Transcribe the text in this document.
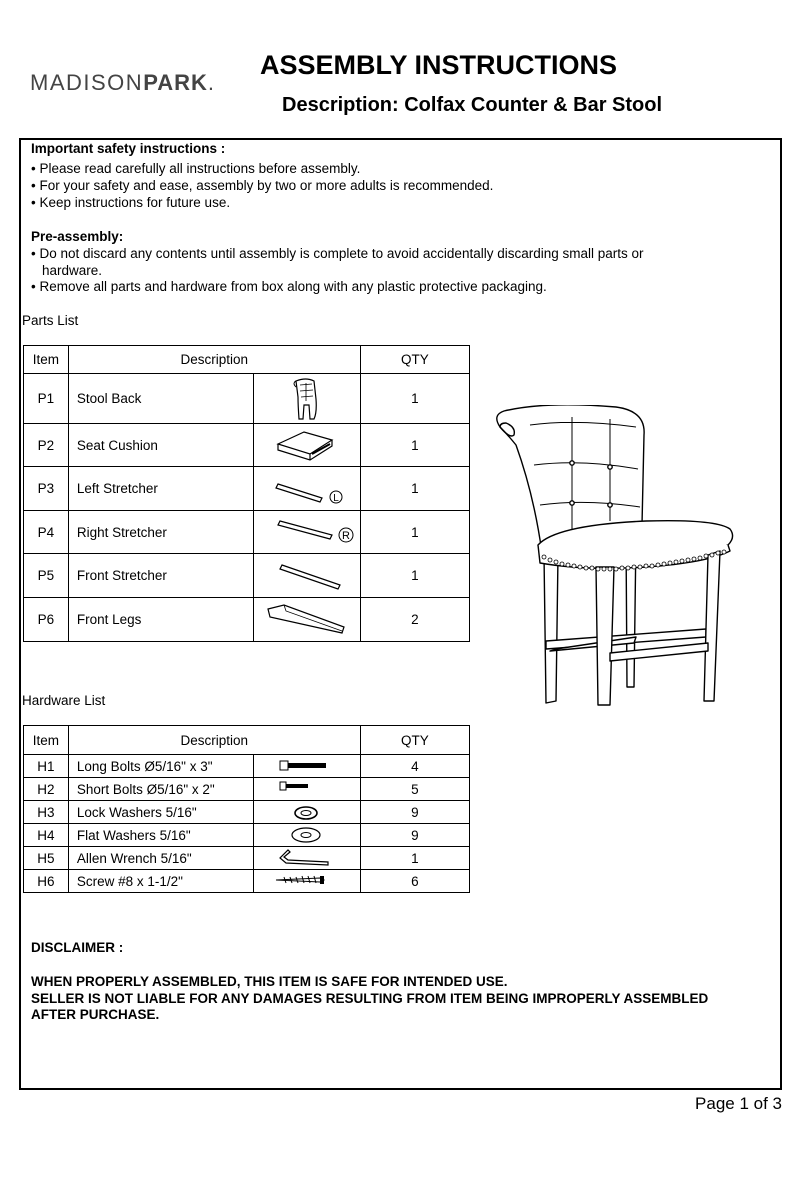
MADISONPARK.
ASSEMBLY INSTRUCTIONS
Description: Colfax Counter & Bar Stool
Important safety instructions :
• Please read carefully all instructions before assembly.
• For your safety and ease, assembly by two or more adults is recommended.
• Keep instructions for future use.
Pre-assembly:
• Do not discard any contents until assembly is complete to avoid accidentally discarding small parts or
hardware.
• Remove all parts and hardware from box along with any plastic protective packaging.
Parts List
Item	Description		QTY
P1	Stool Back		1
P2	Seat Cushion		1
P3	Left Stretcher	L	1
P4	Right Stretcher	R	1
P5	Front Stretcher		1
P6	Front Legs		2
Hardware List
Item	Description		QTY
H1	Long Bolts Ø5/16" x 3"		4
H2	Short Bolts Ø5/16" x 2"		5
H3	Lock Washers 5/16"		9
H4	Flat Washers 5/16"		9
H5	Allen Wrench 5/16"		1
H6	Screw #8 x 1-1/2"		6
DISCLAIMER :
WHEN PROPERLY ASSEMBLED, THIS ITEM IS SAFE FOR INTENDED USE.
SELLER IS NOT LIABLE FOR ANY DAMAGES RESULTING FROM ITEM BEING IMPROPERLY ASSEMBLED
AFTER PURCHASE.
Page 1 of 3
